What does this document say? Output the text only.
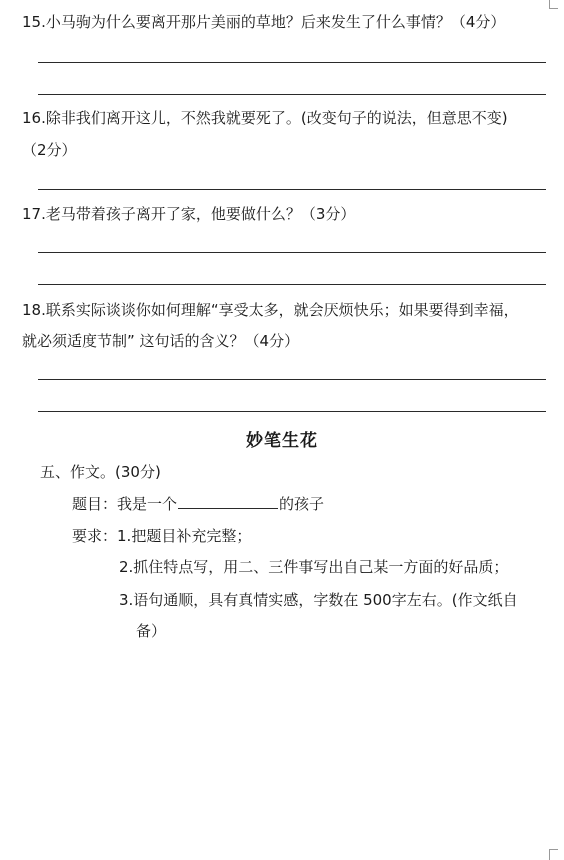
15.小马驹为什么要离开那片美丽的草地？后来发生了什么事情？（4分）
16.除非我们离开这儿，不然我就要死了。(改变句子的说法，但意思不变)
（2分）
17.老马带着孩子离开了家，他要做什么？（3分）
18.联系实际谈谈你如何理解“享受太多，就会厌烦快乐；如果要得到幸福，
就必须适度节制” 这句话的含义？（4分）
妙笔生花
五、作文。(30分)
题目：我是一个	的孩子
要求：1.把题目补充完整；
2.抓住特点写，用二、三件事写出自己某一方面的好品质；
3.语句通顺，具有真情实感，字数在 500字左右。(作文纸自
备）
